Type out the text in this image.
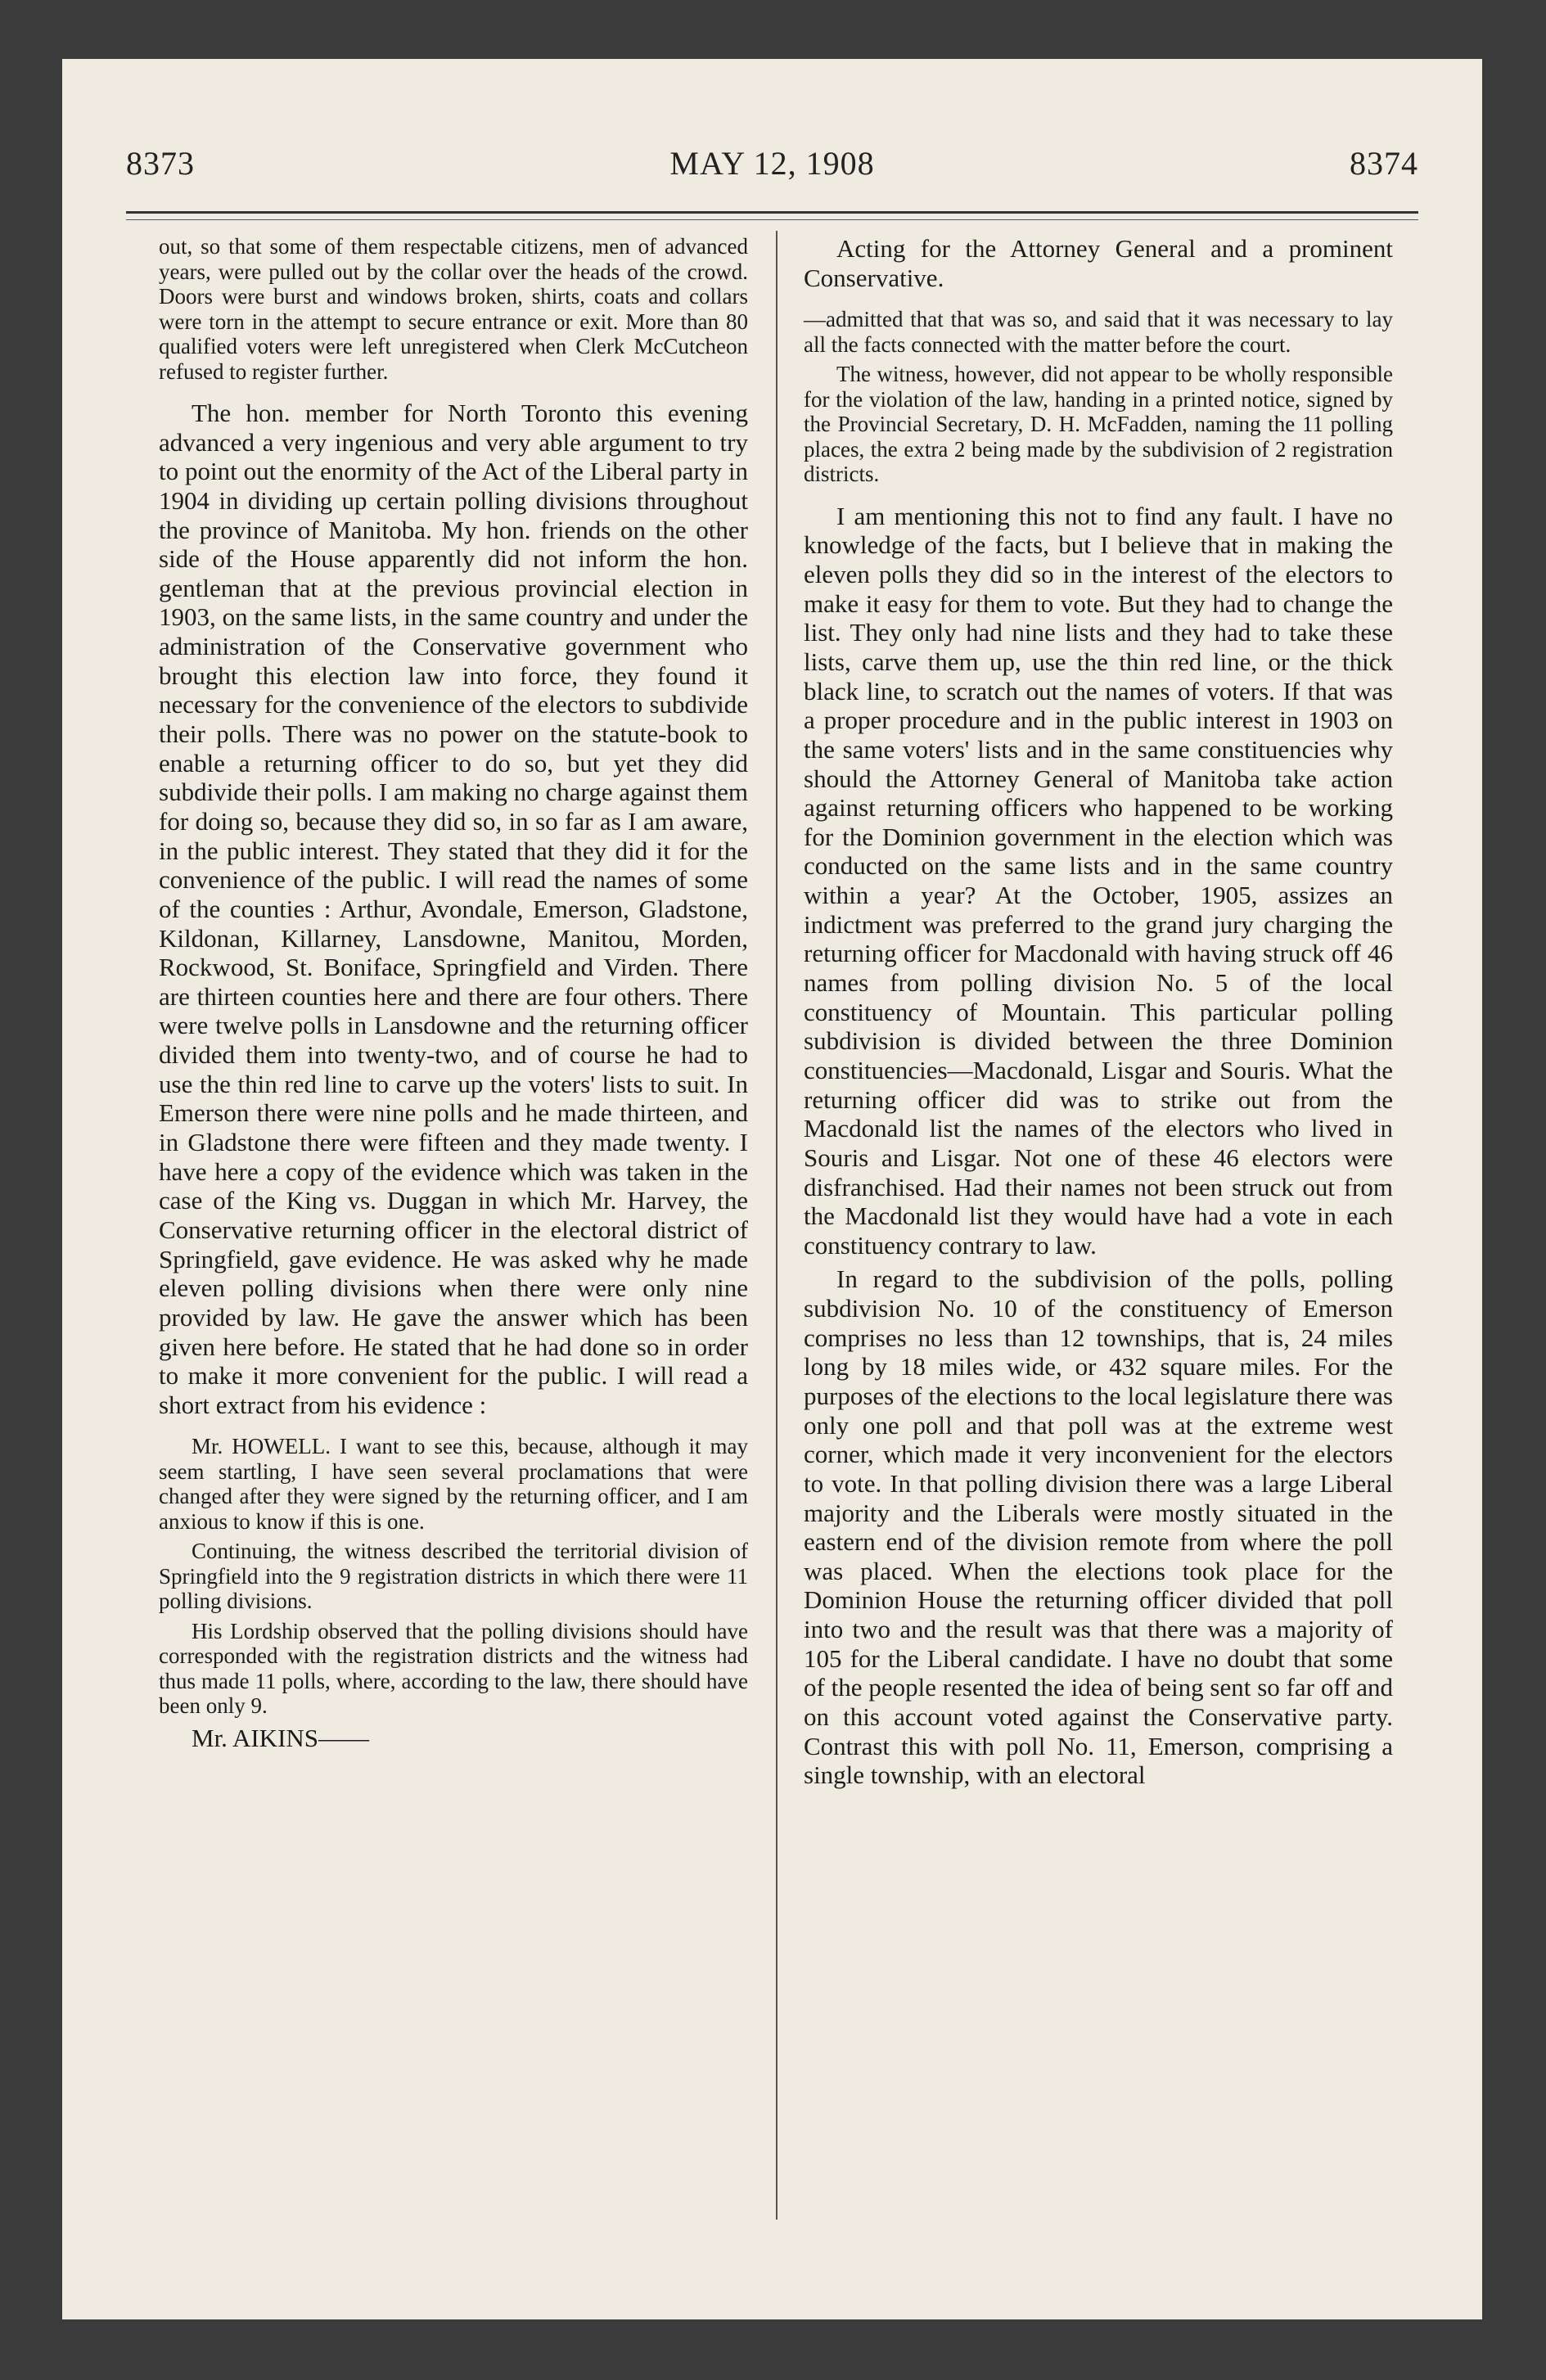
8373	MAY 12, 1908	8374

out, so that some of them respectable citizens, men of advanced years, were pulled out by the collar over the heads of the crowd. Doors were burst and windows broken, shirts, coats and collars were torn in the attempt to secure entrance or exit. More than 80 qualified voters were left unregistered when Clerk McCutcheon refused to register further.

The hon. member for North Toronto this evening advanced a very ingenious and very able argument to try to point out the enormity of the Act of the Liberal party in 1904 in dividing up certain polling divisions throughout the province of Manitoba. My hon. friends on the other side of the House apparently did not inform the hon. gentleman that at the previous provincial election in 1903, on the same lists, in the same country and under the administration of the Conservative government who brought this election law into force, they found it necessary for the convenience of the electors to subdivide their polls. There was no power on the statute-book to enable a returning officer to do so, but yet they did subdivide their polls. I am making no charge against them for doing so, because they did so, in so far as I am aware, in the public interest. They stated that they did it for the convenience of the public. I will read the names of some of the counties : Arthur, Avondale, Emerson, Gladstone, Kildonan, Killarney, Lansdowne, Manitou, Morden, Rockwood, St. Boniface, Springfield and Virden. There are thirteen counties here and there are four others. There were twelve polls in Lansdowne and the returning officer divided them into twenty-two, and of course he had to use the thin red line to carve up the voters' lists to suit. In Emerson there were nine polls and he made thirteen, and in Gladstone there were fifteen and they made twenty. I have here a copy of the evidence which was taken in the case of the King vs. Duggan in which Mr. Harvey, the Conservative returning officer in the electoral district of Springfield, gave evidence. He was asked why he made eleven polling divisions when there were only nine provided by law. He gave the answer which has been given here before. He stated that he had done so in order to make it more convenient for the public. I will read a short extract from his evidence :

Mr. HOWELL. I want to see this, because, although it may seem startling, I have seen several proclamations that were changed after they were signed by the returning officer, and I am anxious to know if this is one.

Continuing, the witness described the territorial division of Springfield into the 9 registration districts in which there were 11 polling divisions.

His Lordship observed that the polling divisions should have corresponded with the registration districts and the witness had thus made 11 polls, where, according to the law, there should have been only 9.

Mr. AIKINS——

Acting for the Attorney General and a prominent Conservative.

—admitted that that was so, and said that it was necessary to lay all the facts connected with the matter before the court.

The witness, however, did not appear to be wholly responsible for the violation of the law, handing in a printed notice, signed by the Provincial Secretary, D. H. McFadden, naming the 11 polling places, the extra 2 being made by the subdivision of 2 registration districts.

I am mentioning this not to find any fault. I have no knowledge of the facts, but I believe that in making the eleven polls they did so in the interest of the electors to make it easy for them to vote. But they had to change the list. They only had nine lists and they had to take these lists, carve them up, use the thin red line, or the thick black line, to scratch out the names of voters. If that was a proper procedure and in the public interest in 1903 on the same voters' lists and in the same constituencies why should the Attorney General of Manitoba take action against returning officers who happened to be working for the Dominion government in the election which was conducted on the same lists and in the same country within a year? At the October, 1905, assizes an indictment was preferred to the grand jury charging the returning officer for Macdonald with having struck off 46 names from polling division No. 5 of the local constituency of Mountain. This particular polling subdivision is divided between the three Dominion constituencies—Macdonald, Lisgar and Souris. What the returning officer did was to strike out from the Macdonald list the names of the electors who lived in Souris and Lisgar. Not one of these 46 electors were disfranchised. Had their names not been struck out from the Macdonald list they would have had a vote in each constituency contrary to law.

In regard to the subdivision of the polls, polling subdivision No. 10 of the constituency of Emerson comprises no less than 12 townships, that is, 24 miles long by 18 miles wide, or 432 square miles. For the purposes of the elections to the local legislature there was only one poll and that poll was at the extreme west corner, which made it very inconvenient for the electors to vote. In that polling division there was a large Liberal majority and the Liberals were mostly situated in the eastern end of the division remote from where the poll was placed. When the elections took place for the Dominion House the returning officer divided that poll into two and the result was that there was a majority of 105 for the Liberal candidate. I have no doubt that some of the people resented the idea of being sent so far off and on this account voted against the Conservative party. Contrast this with poll No. 11, Emerson, comprising a single township, with an electoral
